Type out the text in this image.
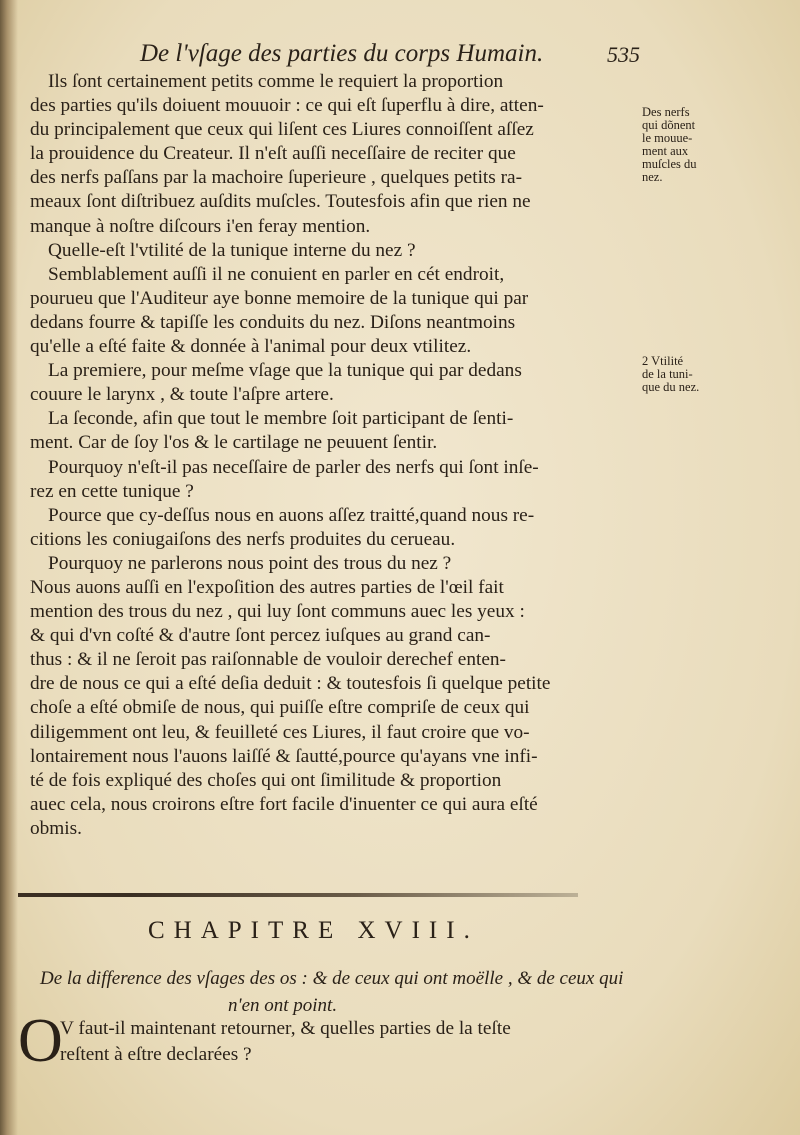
De l'vſage des parties du corps Humain.	535
Ils ſont certainement petits comme le requiert la proportion
des parties qu'ils doiuent mouuoir : ce qui eſt ſuperflu à dire, atten-
du principalement que ceux qui liſent ces Liures connoiſſent aſſez
la prouidence du Createur. Il n'eſt auſſi neceſſaire de reciter que
des nerfs paſſans par la machoire ſuperieure , quelques petits ra-
meaux ſont diſtribuez auſdits muſcles. Toutesfois afin que rien ne
manque à noſtre diſcours i'en feray mention.
Quelle-eſt l'vtilité de la tunique interne du nez ?
Semblablement auſſi il ne conuient en parler en cét endroit,
pourueu que l'Auditeur aye bonne memoire de la tunique qui par
dedans fourre & tapiſſe les conduits du nez. Diſons neantmoins
qu'elle a eſté faite & donnée à l'animal pour deux vtilitez.
La premiere, pour meſme vſage que la tunique qui par dedans
couure le larynx , & toute l'aſpre artere.
La ſeconde, afin que tout le membre ſoit participant de ſenti-
ment. Car de ſoy l'os & le cartilage ne peuuent ſentir.
Pourquoy n'eſt-il pas neceſſaire de parler des nerfs qui ſont inſe-
rez en cette tunique ?
Pource que cy-deſſus nous en auons aſſez traitté,quand nous re-
citions les coniugaiſons des nerfs produites du cerueau.
Pourquoy ne parlerons nous point des trous du nez ?
Nous auons auſſi en l'expoſition des autres parties de l'œil fait
mention des trous du nez , qui luy ſont communs auec les yeux :
& qui d'vn coſté & d'autre ſont percez iuſques au grand can-
thus : & il ne ſeroit pas raiſonnable de vouloir derechef enten-
dre de nous ce qui a eſté deſia deduit : & toutesfois ſi quelque petite
choſe a eſté obmiſe de nous, qui puiſſe eſtre compriſe de ceux qui
diligemment ont leu, & feuilleté ces Liures, il faut croire que vo-
lontairement nous l'auons laiſſé & ſautté,pource qu'ayans vne infi-
té de fois expliqué des choſes qui ont ſimilitude & proportion
auec cela, nous croirons eſtre fort facile d'inuenter ce qui aura eſté
obmis.
Des nerfs
qui dõnent
le mouue-
ment aux
muſcles du
nez.
2 Vtilité
de la tuni-
que du nez.
CHAPITRE XVIII.
De la difference des vſages des os : & de ceux qui ont moëlle , & de ceux qui
n'en ont point.
O
V faut-il maintenant retourner, & quelles parties de la teſte
reſtent à eſtre declarées ?
